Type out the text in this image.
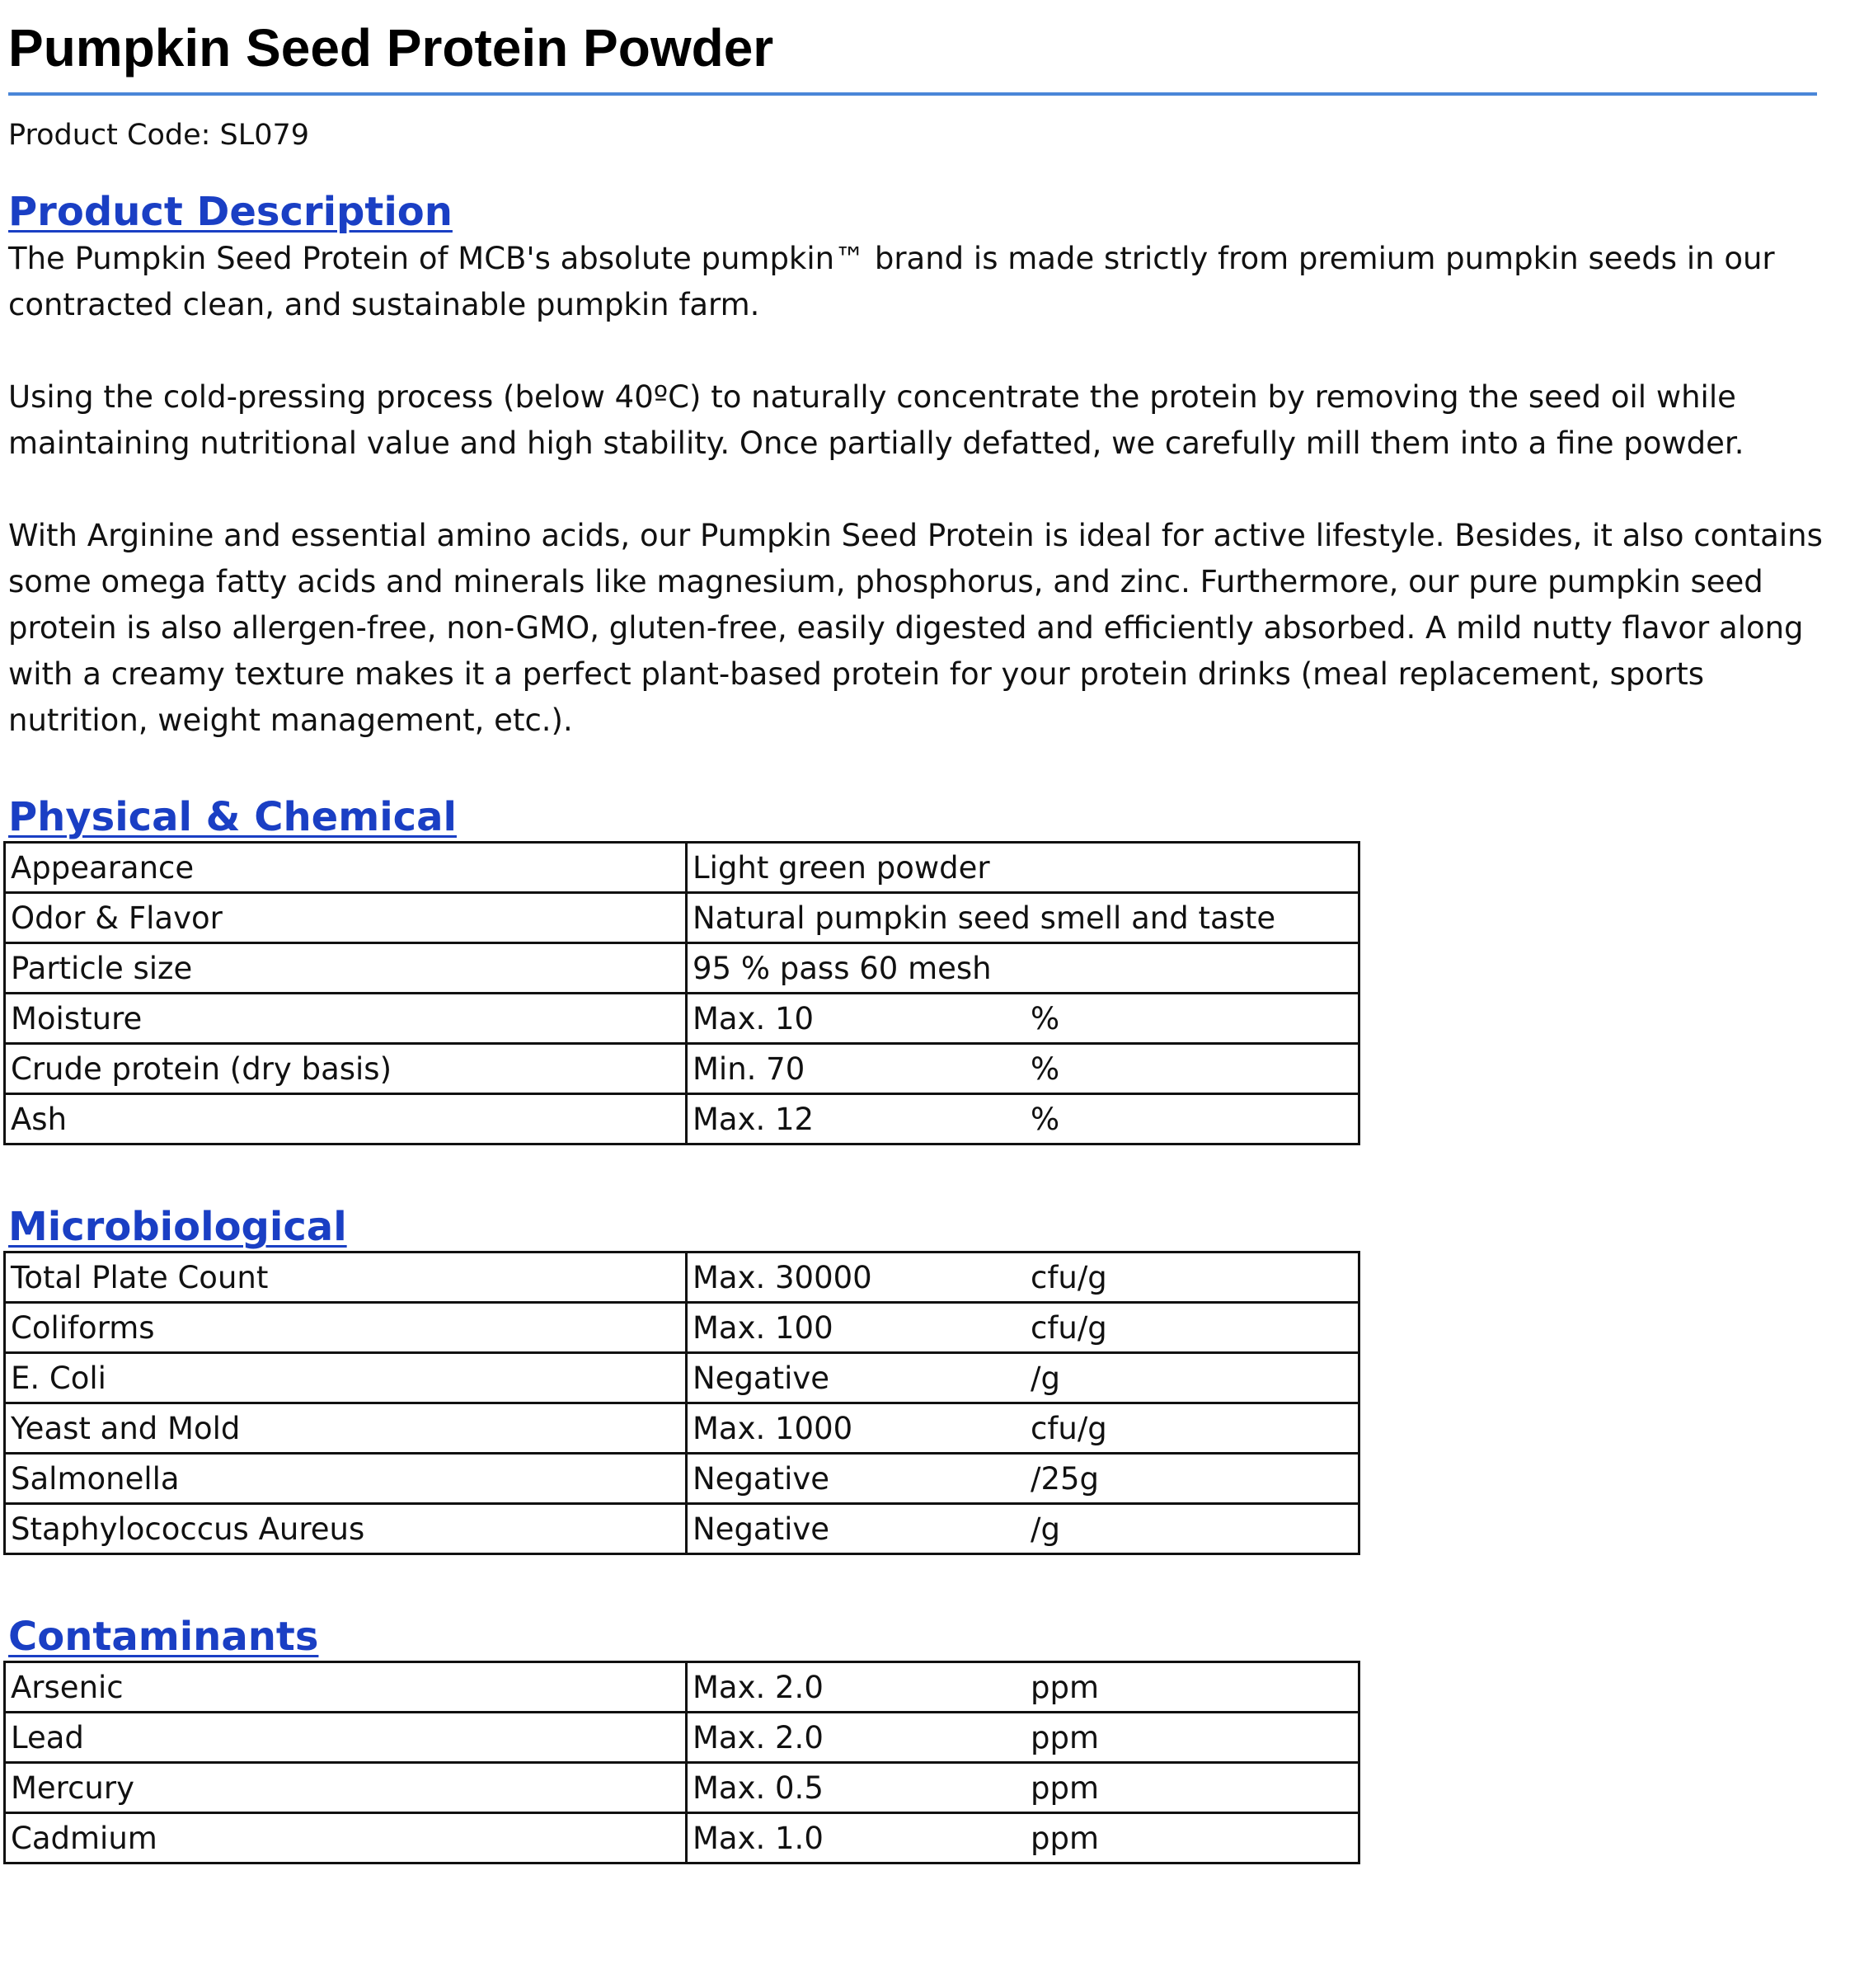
Pumpkin Seed Protein Powder
Product Code: SL079
Product Description

The Pumpkin Seed Protein of MCB's absolute pumpkin™ brand is made strictly from premium pumpkin seeds in our contracted clean, and sustainable pumpkin farm.

Using the cold-pressing process (below 40ºC) to naturally concentrate the protein by removing the seed oil while maintaining nutritional value and high stability. Once partially defatted, we carefully mill them into a fine powder.

With Arginine and essential amino acids, our Pumpkin Seed Protein is ideal for active lifestyle. Besides, it also contains some omega fatty acids and minerals like magnesium, phosphorus, and zinc. Furthermore, our pure pumpkin seed protein is also allergen-free, non-GMO, gluten-free, easily digested and efficiently absorbed. A mild nutty flavor along with a creamy texture makes it a perfect plant-based protein for your protein drinks (meal replacement, sports nutrition, weight management, etc.).

Physical & Chemical
Appearance	Light green powder
Odor & Flavor	Natural pumpkin seed smell and taste
Particle size	95 % pass 60 mesh
Moisture	Max. 10 %
Crude protein (dry basis)	Min. 70 %
Ash	Max. 12 %
Microbiological
Total Plate Count	Max. 30000 cfu/g
Coliforms	Max. 100 cfu/g
E. Coli	Negative /g
Yeast and Mold	Max. 1000 cfu/g
Salmonella	Negative /25g
Staphylococcus Aureus	Negative /g
Contaminants
Arsenic	Max. 2.0 ppm
Lead	Max. 2.0 ppm
Mercury	Max. 0.5 ppm
Cadmium	Max. 1.0 ppm
